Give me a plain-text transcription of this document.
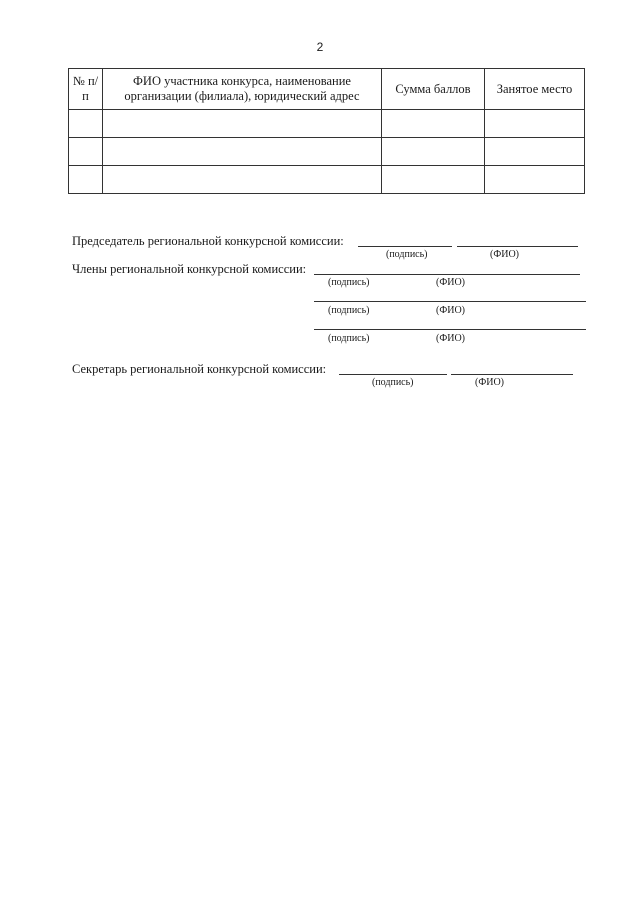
2
№ п/п	ФИО участника конкурса, наименование организации (филиала), юридический адрес	Сумма баллов	Занятое место

Председатель региональной конкурсной комиссии:
(подпись)	(ФИО)
Члены региональной конкурсной комиссии:
(подпись)	(ФИО)
(подпись)	(ФИО)
(подпись)	(ФИО)
Секретарь региональной конкурсной комиссии:
(подпись)	(ФИО)
